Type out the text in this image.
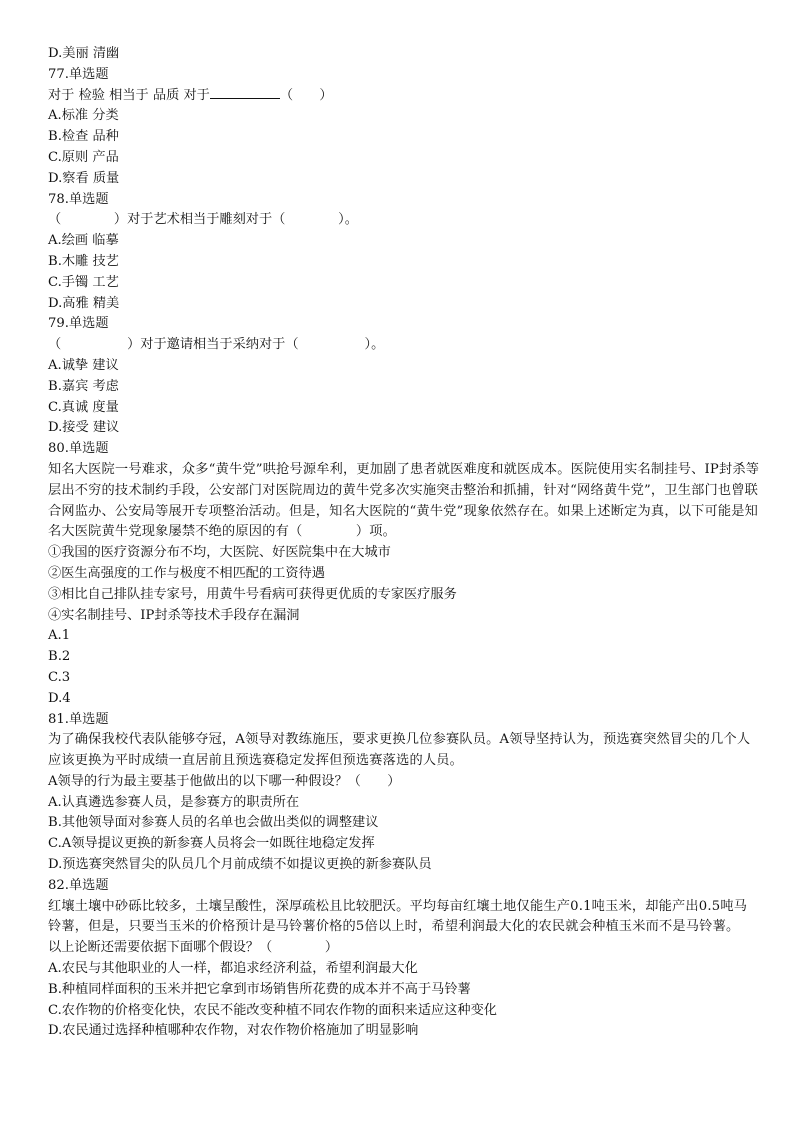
D.美丽 清幽
77.单选题
对于 检验 相当于 品质 对于	（　　）
A.标准 分类
B.检查 品种
C.原则 产品
D.察看 质量
78.单选题
（　　　　）对于艺术相当于雕刻对于（　　　　）。
A.绘画 临摹
B.木雕 技艺
C.手镯 工艺
D.高雅 精美
79.单选题
（　　　　　）对于邀请相当于采纳对于（　　　　　）。
A.诚挚 建议
B.嘉宾 考虑
C.真诚 度量
D.接受 建议
80.单选题
知名大医院一号难求，众多“黄牛党”哄抢号源牟利，更加剧了患者就医难度和就医成本。医院使用实名制挂号、IP封杀等层出不穷的技术制约手段，公安部门对医院周边的黄牛党多次实施突击整治和抓捕，针对“网络黄牛党”，卫生部门也曾联合网监办、公安局等展开专项整治活动。但是，知名大医院的“黄牛党”现象依然存在。如果上述断定为真，以下可能是知名大医院黄牛党现象屡禁不绝的原因的有（　　　　）项。
①我国的医疗资源分布不均，大医院、好医院集中在大城市
②医生高强度的工作与极度不相匹配的工资待遇
③相比自己排队挂专家号，用黄牛号看病可获得更优质的专家医疗服务
④实名制挂号、IP封杀等技术手段存在漏洞
A.1
B.2
C.3
D.4
81.单选题
为了确保我校代表队能够夺冠，A领导对教练施压，要求更换几位参赛队员。A领导坚持认为，预选赛突然冒尖的几个人应该更换为平时成绩一直居前且预选赛稳定发挥但预选赛落选的人员。
A领导的行为最主要基于他做出的以下哪一种假设？（　　）
A.认真遴选参赛人员，是参赛方的职责所在
B.其他领导面对参赛人员的名单也会做出类似的调整建议
C.A领导提议更换的新参赛人员将会一如既往地稳定发挥
D.预选赛突然冒尖的队员几个月前成绩不如提议更换的新参赛队员
82.单选题
红壤土壤中砂砾比较多，土壤呈酸性，深厚疏松且比较肥沃。平均每亩红壤土地仅能生产0.1吨玉米，却能产出0.5吨马铃薯，但是，只要当玉米的价格预计是马铃薯价格的5倍以上时，希望利润最大化的农民就会种植玉米而不是马铃薯。
以上论断还需要依据下面哪个假设？（　　　　）
A.农民与其他职业的人一样，都追求经济利益，希望利润最大化
B.种植同样面积的玉米并把它拿到市场销售所花费的成本并不高于马铃薯
C.农作物的价格变化快，农民不能改变种植不同农作物的面积来适应这种变化
D.农民通过选择种植哪种农作物，对农作物价格施加了明显影响
